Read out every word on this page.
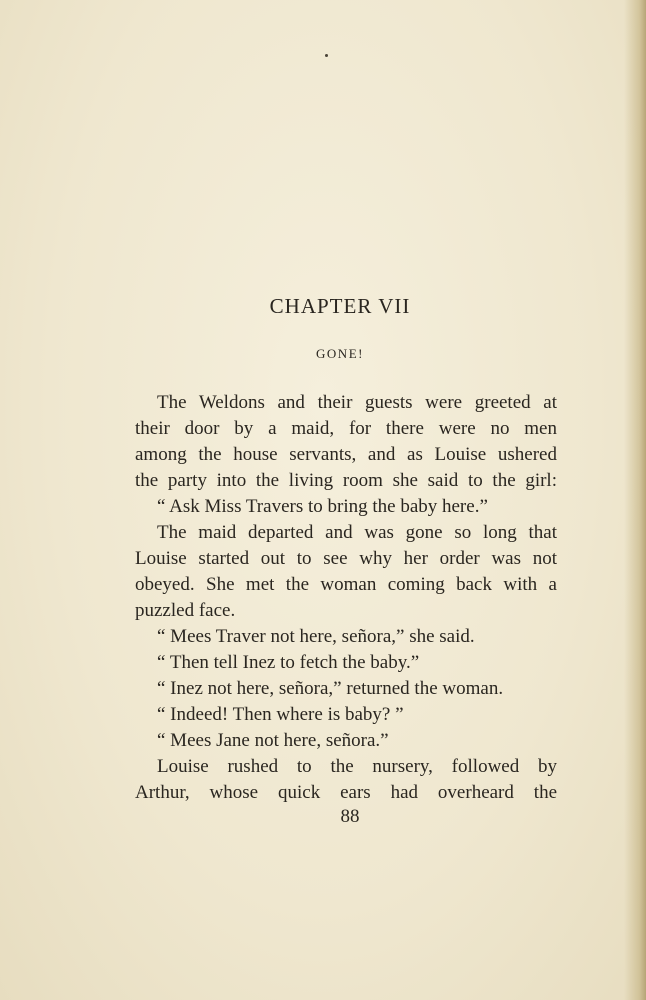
CHAPTER VII
GONE!
The Weldons and their guests were greeted at
their door by a maid, for there were no men
among the house servants, and as Louise ushered
the party into the living room she said to the girl:
“ Ask Miss Travers to bring the baby here.”
The maid departed and was gone so long that
Louise started out to see why her order was not
obeyed. She met the woman coming back with a
puzzled face.
“ Mees Traver not here, señora,” she said.
“ Then tell Inez to fetch the baby.”
“ Inez not here, señora,” returned the woman.
“ Indeed! Then where is baby? ”
“ Mees Jane not here, señora.”
Louise rushed to the nursery, followed by
Arthur, whose quick ears had overheard the
88
